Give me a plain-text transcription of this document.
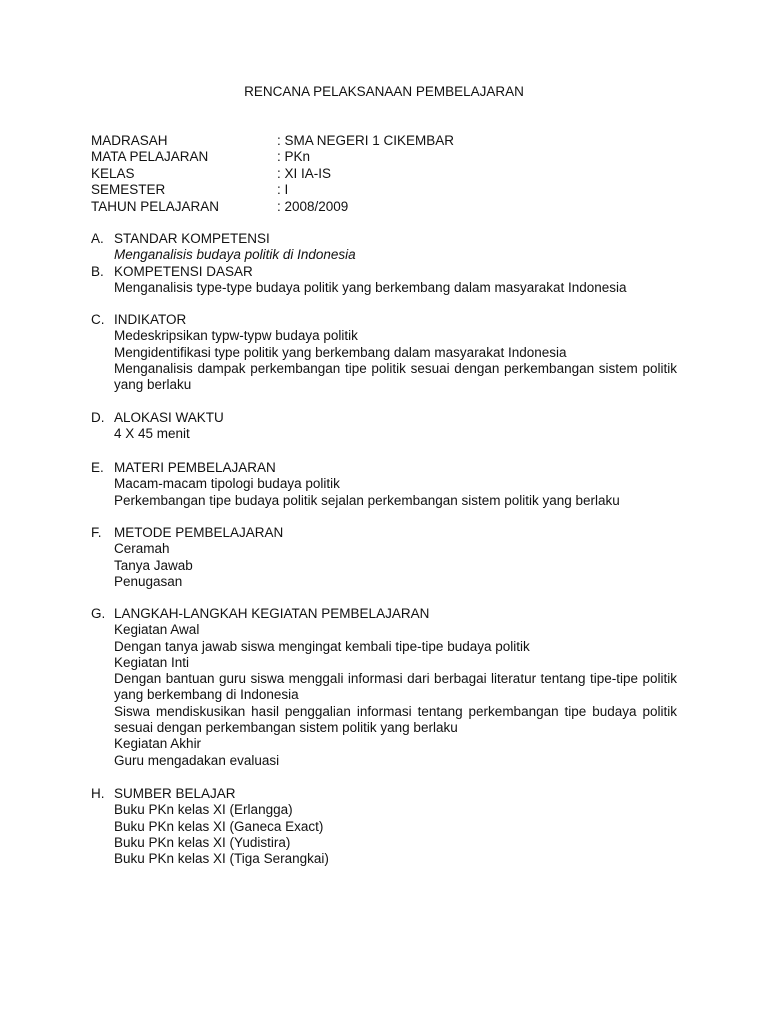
RENCANA PELAKSANAAN PEMBELAJARAN
MADRASAH	: SMA NEGERI 1 CIKEMBAR
MATA PELAJARAN	: PKn
KELAS	: XI IA-IS
SEMESTER	: I
TAHUN PELAJARAN	: 2008/2009
A. STANDAR KOMPETENSI
Menganalisis budaya politik di Indonesia
B. KOMPETENSI DASAR
Menganalisis type-type budaya politik yang berkembang dalam masyarakat Indonesia
C. INDIKATOR
Medeskripsikan typw-typw budaya politik
Mengidentifikasi type politik yang berkembang dalam masyarakat Indonesia
Menganalisis dampak perkembangan tipe politik sesuai dengan perkembangan sistem politik yang berlaku
D. ALOKASI WAKTU
4 X 45 menit
E. MATERI PEMBELAJARAN
Macam-macam tipologi budaya politik
Perkembangan tipe budaya politik sejalan perkembangan sistem politik yang berlaku
F. METODE PEMBELAJARAN
Ceramah
Tanya Jawab
Penugasan
G. LANGKAH-LANGKAH KEGIATAN PEMBELAJARAN
Kegiatan Awal
Dengan tanya jawab siswa mengingat kembali tipe-tipe budaya politik
Kegiatan Inti
Dengan bantuan guru siswa menggali informasi dari berbagai literatur tentang tipe-tipe politik yang berkembang di Indonesia
Siswa mendiskusikan hasil penggalian informasi tentang perkembangan tipe budaya politik sesuai dengan perkembangan sistem politik yang berlaku
Kegiatan Akhir
Guru mengadakan evaluasi
H. SUMBER BELAJAR
Buku PKn kelas XI (Erlangga)
Buku PKn kelas XI (Ganeca Exact)
Buku PKn kelas XI (Yudistira)
Buku PKn kelas XI (Tiga Serangkai)
